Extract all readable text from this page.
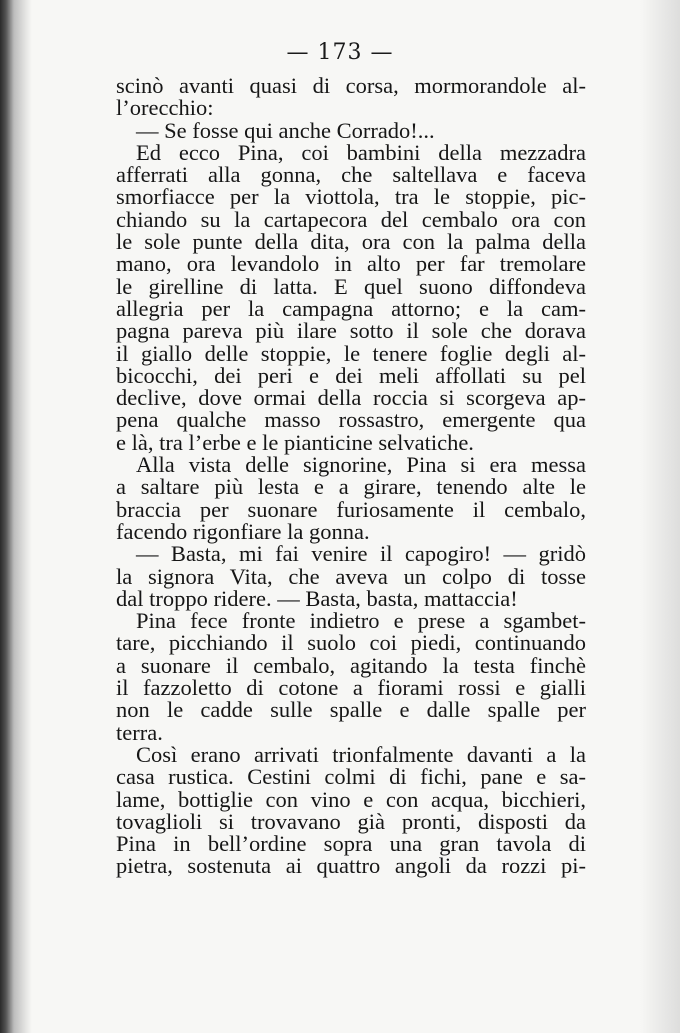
— 173 —
scinò avanti quasi di corsa, mormorandole al-
l’orecchio:
— Se fosse qui anche Corrado!...
Ed ecco Pina, coi bambini della mezzadra
afferrati alla gonna, che saltellava e faceva
smorfiacce per la viottola, tra le stoppie, pic-
chiando su la cartapecora del cembalo ora con
le sole punte della dita, ora con la palma della
mano, ora levandolo in alto per far tremolare
le girelline di latta. E quel suono diffondeva
allegria per la campagna attorno; e la cam-
pagna pareva più ilare sotto il sole che dorava
il giallo delle stoppie, le tenere foglie degli al-
bicocchi, dei peri e dei meli affollati su pel
declive, dove ormai della roccia si scorgeva ap-
pena qualche masso rossastro, emergente qua
e là, tra l’erbe e le pianticine selvatiche.
Alla vista delle signorine, Pina si era messa
a saltare più lesta e a girare, tenendo alte le
braccia per suonare furiosamente il cembalo,
facendo rigonfiare la gonna.
— Basta, mi fai venire il capogiro! — gridò
la signora Vita, che aveva un colpo di tosse
dal troppo ridere. — Basta, basta, mattaccia!
Pina fece fronte indietro e prese a sgambet-
tare, picchiando il suolo coi piedi, continuando
a suonare il cembalo, agitando la testa finchè
il fazzoletto di cotone a fiorami rossi e gialli
non le cadde sulle spalle e dalle spalle per
terra.
Così erano arrivati trionfalmente davanti a la
casa rustica. Cestini colmi di fichi, pane e sa-
lame, bottiglie con vino e con acqua, bicchieri,
tovaglioli si trovavano già pronti, disposti da
Pina in bell’ordine sopra una gran tavola di
pietra, sostenuta ai quattro angoli da rozzi pi-
